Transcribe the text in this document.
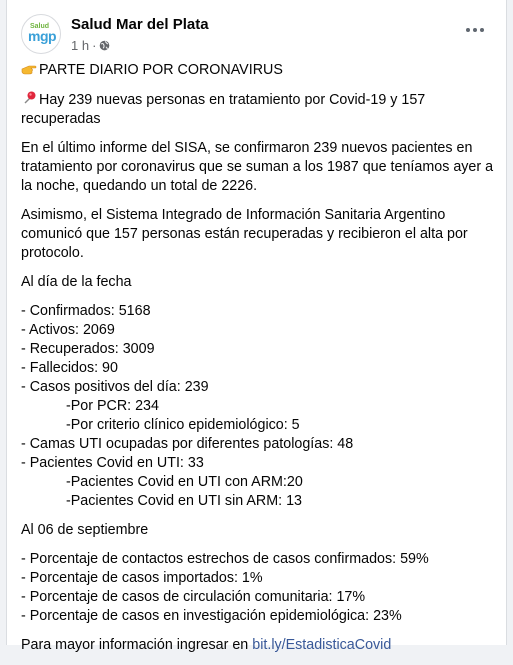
Salud
mgp
Salud Mar del Plata
1 h ·

PARTE DIARIO POR CORONAVIRUS

Hay 239 nuevas personas en tratamiento por Covid-19 y 157 recuperadas

En el último informe del SISA, se confirmaron 239 nuevos pacientes en tratamiento por coronavirus que se suman a los 1987 que teníamos ayer a la noche, quedando un total de 2226.

Asimismo, el Sistema Integrado de Información Sanitaria Argentino comunicó que 157 personas están recuperadas y recibieron el alta por protocolo.

Al día de la fecha

- Confirmados: 5168
- Activos: 2069
- Recuperados: 3009
- Fallecidos: 90
- Casos positivos del día: 239
-Por PCR: 234
-Por criterio clínico epidemiológico: 5
- Camas UTI ocupadas por diferentes patologías: 48
- Pacientes Covid en UTI: 33
-Pacientes Covid en UTI con ARM:20
-Pacientes Covid en UTI sin ARM: 13

Al 06 de septiembre

- Porcentaje de contactos estrechos de casos confirmados: 59%
- Porcentaje de casos importados: 1%
- Porcentaje de casos de circulación comunitaria: 17%
- Porcentaje de casos en investigación epidemiológica: 23%

Para mayor información ingresar en bit.ly/EstadisticaCovid
